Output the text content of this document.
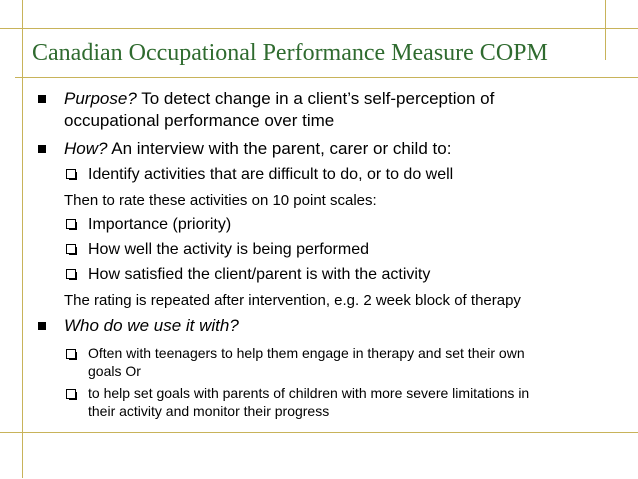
Canadian Occupational Performance Measure COPM
Purpose? To detect change in a client’s self-perception of
occupational performance over time
How? An interview with the parent, carer or child to:
Identify activities that are difficult to do, or to do well
Then to rate these activities on 10 point scales:
Importance (priority)
How well the activity is being performed
How satisfied the client/parent is with the activity
The rating is repeated after intervention, e.g. 2 week block of therapy
Who do we use it with?
Often with teenagers to help them engage in therapy and set their own
goals Or
to help set goals with parents of children with more severe limitations in
their activity and monitor their progress
